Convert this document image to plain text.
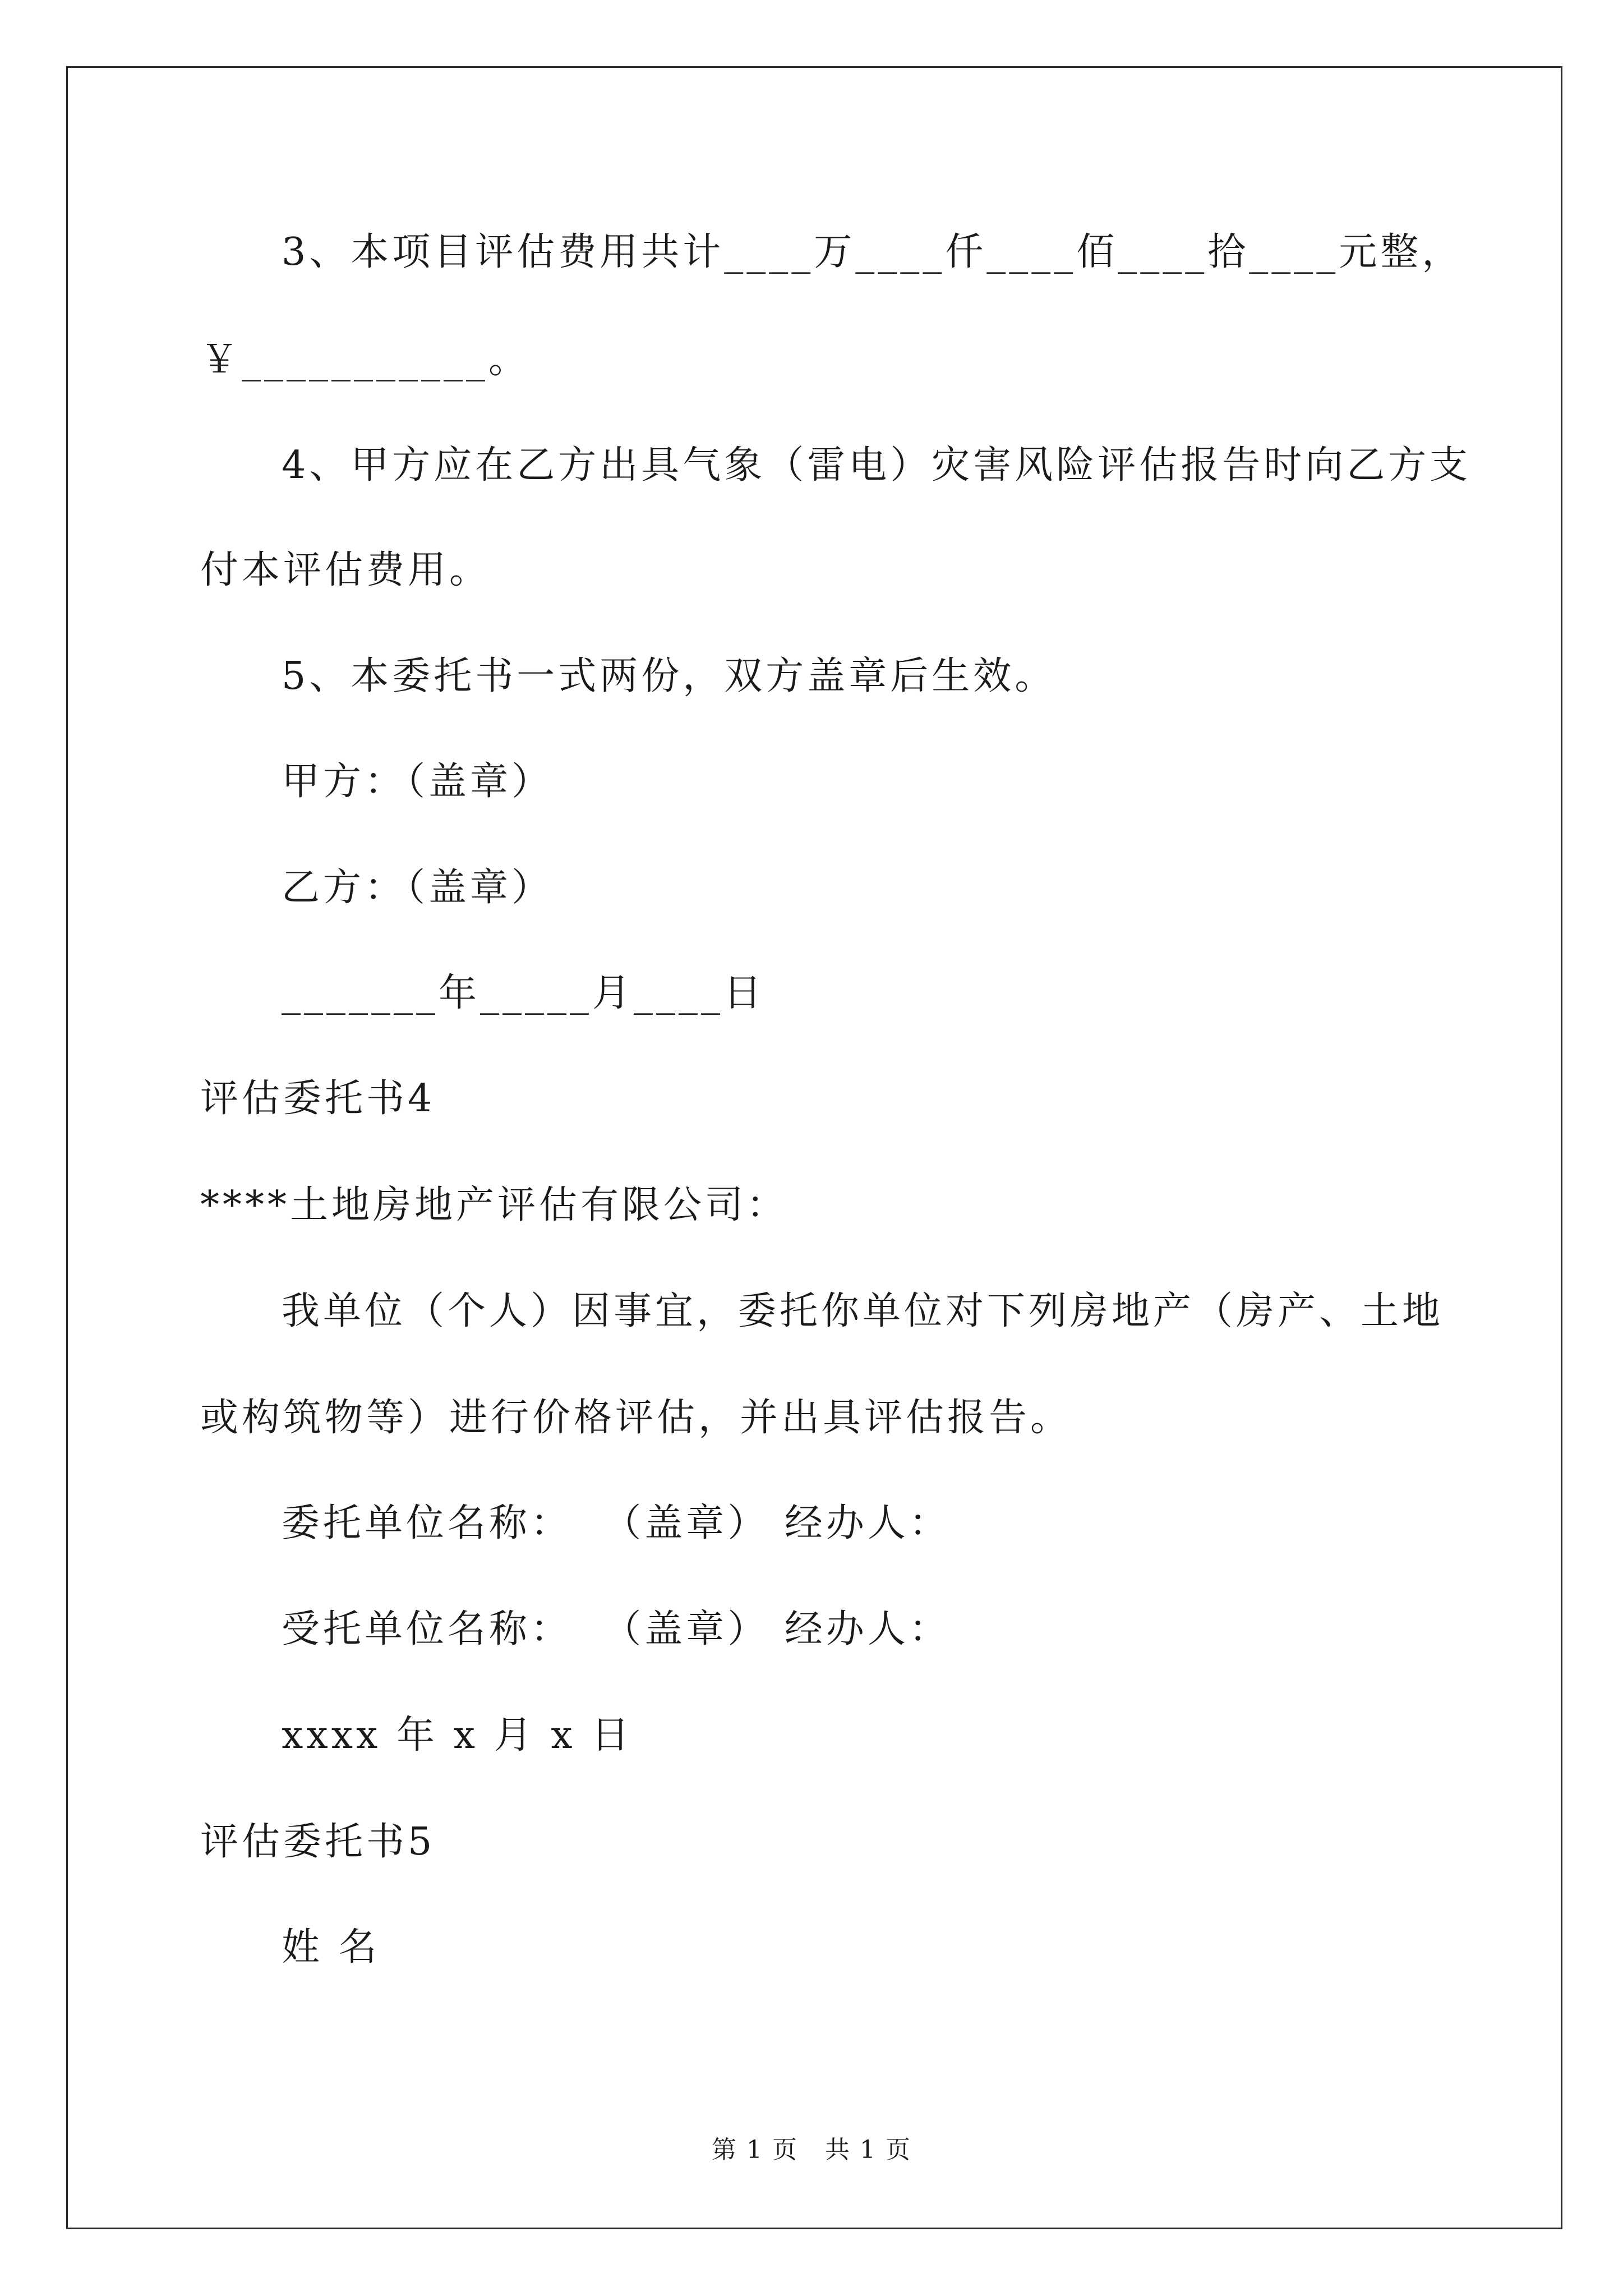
3、本项目评估费用共计____万____仟____佰____拾____元整，
￥___________。
4、甲方应在乙方出具气象（雷电）灾害风险评估报告时向乙方支
付本评估费用。
5、本委托书一式两份，双方盖章后生效。
甲方：（盖章）
乙方：（盖章）
_______年_____月____日
评估委托书4
****土地房地产评估有限公司：
我单位（个人）因事宜，委托你单位对下列房地产（房产、土地
或构筑物等）进行价格评估，并出具评估报告。
委托单位名称：  （盖章） 经办人：
受托单位名称：  （盖章） 经办人：
xxxx 年 x 月 x 日
评估委托书5
姓 名
第 1 页   共 1 页
